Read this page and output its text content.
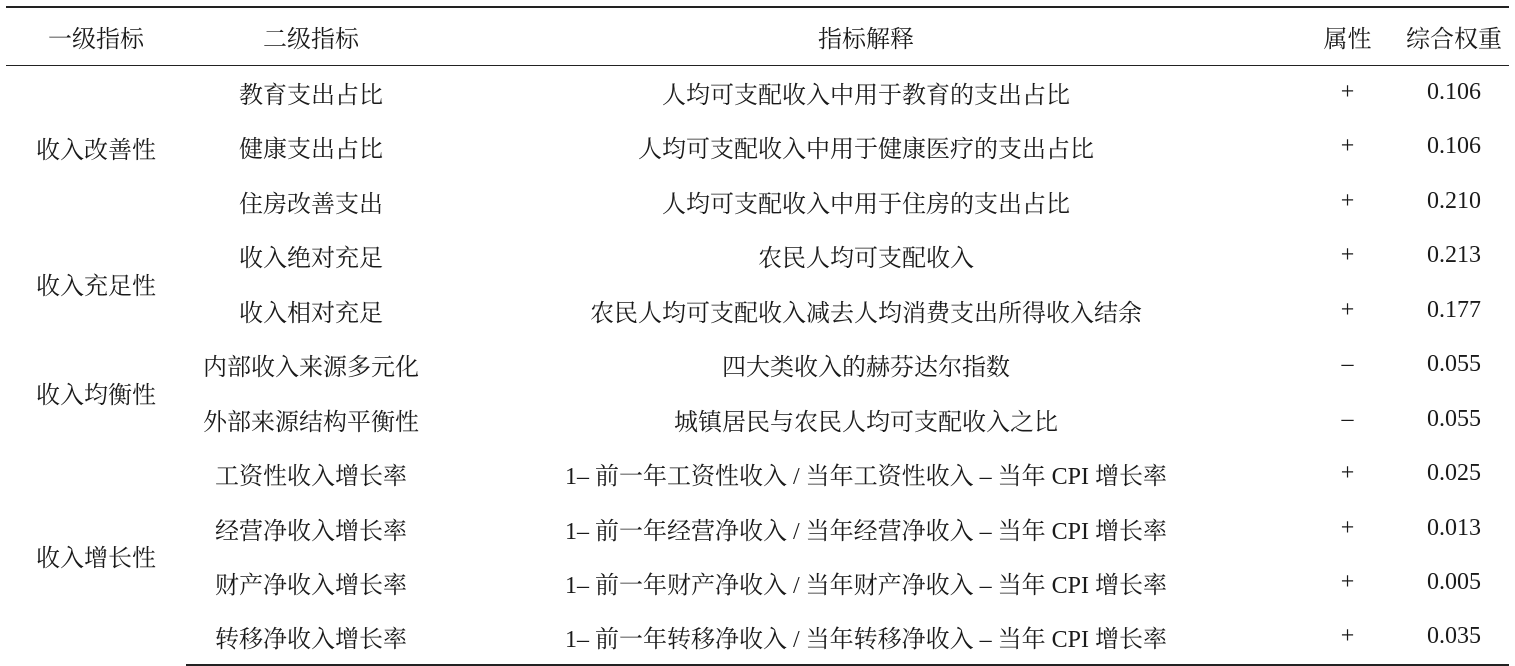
一级指标	二级指标	指标解释	属性	综合权重
收入改善性	教育支出占比	人均可支配收入中用于教育的支出占比	+	0.106
	健康支出占比	人均可支配收入中用于健康医疗的支出占比	+	0.106
	住房改善支出	人均可支配收入中用于住房的支出占比	+	0.210
收入充足性	收入绝对充足	农民人均可支配收入	+	0.213
	收入相对充足	农民人均可支配收入减去人均消费支出所得收入结余	+	0.177
收入均衡性	内部收入来源多元化	四大类收入的赫芬达尔指数	–	0.055
	外部来源结构平衡性	城镇居民与农民人均可支配收入之比	–	0.055
收入增长性	工资性收入增长率	1– 前一年工资性收入 / 当年工资性收入 – 当年 CPI 增长率	+	0.025
	经营净收入增长率	1– 前一年经营净收入 / 当年经营净收入 – 当年 CPI 增长率	+	0.013
	财产净收入增长率	1– 前一年财产净收入 / 当年财产净收入 – 当年 CPI 增长率	+	0.005
	转移净收入增长率	1– 前一年转移净收入 / 当年转移净收入 – 当年 CPI 增长率	+	0.035
